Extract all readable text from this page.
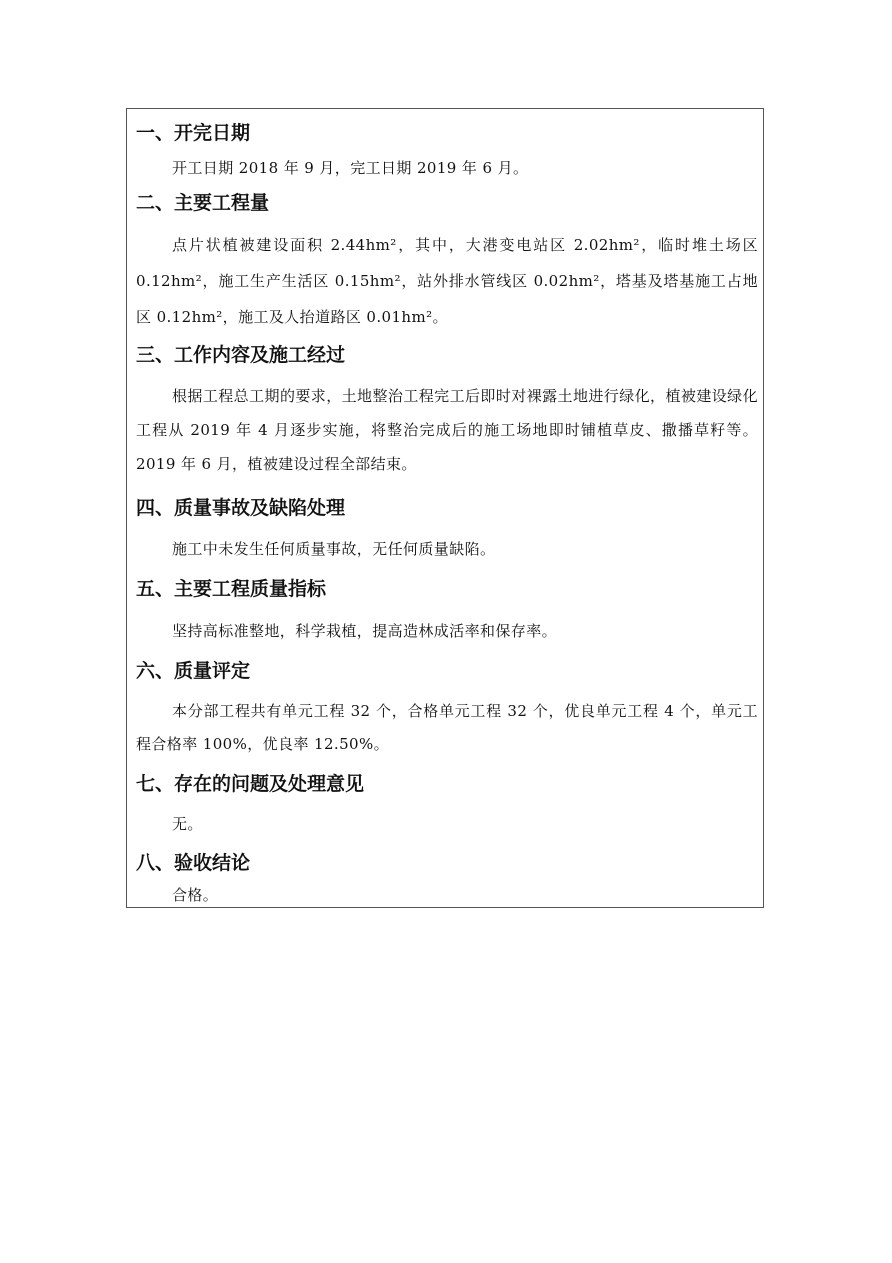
一、开完日期
开工日期 2018 年 9 月，完工日期 2019 年 6 月。
二、主要工程量
点片状植被建设面积 2.44hm²，其中，大港变电站区 2.02hm²，临时堆土场区 0.12hm²，施工生产生活区 0.15hm²，站外排水管线区 0.02hm²，塔基及塔基施工占地区 0.12hm²，施工及人抬道路区 0.01hm²。
三、工作内容及施工经过
根据工程总工期的要求，土地整治工程完工后即时对裸露土地进行绿化，植被建设绿化工程从 2019 年 4 月逐步实施，将整治完成后的施工场地即时铺植草皮、撒播草籽等。2019 年 6 月，植被建设过程全部结束。
四、质量事故及缺陷处理
施工中未发生任何质量事故，无任何质量缺陷。
五、主要工程质量指标
坚持高标准整地，科学栽植，提高造林成活率和保存率。
六、质量评定
本分部工程共有单元工程 32 个，合格单元工程 32 个，优良单元工程 4 个，单元工程合格率 100%，优良率 12.50%。
七、存在的问题及处理意见
无。
八、验收结论
合格。
